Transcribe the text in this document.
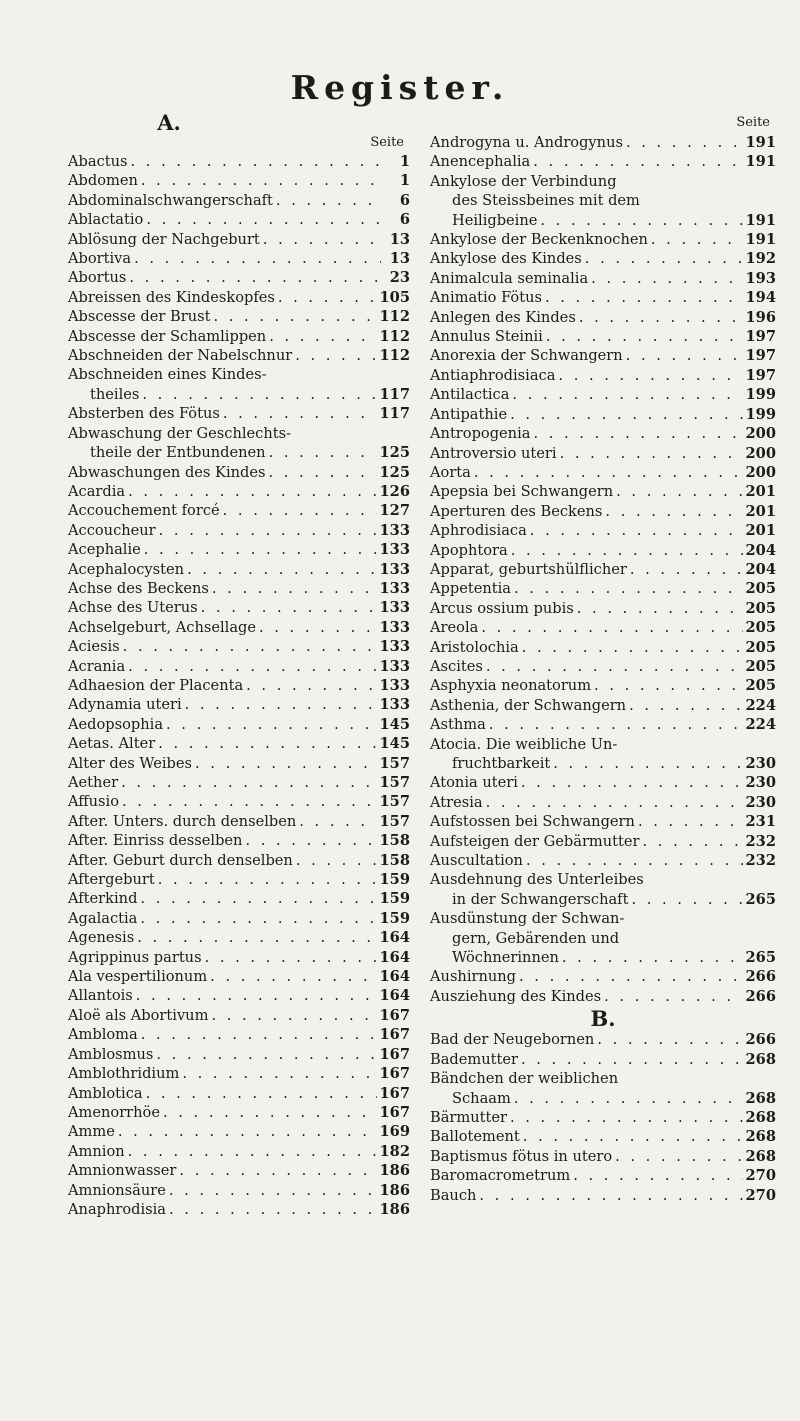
Register.
A.
Seite
Abactus . . .	1
Abdomen . . .	1
Abdominalschwangerschaft . . .	6
Ablactatio . . .	6
Ablösung der Nachgeburt . . .	13
Abortiva . . .	13
Abortus . . .	23
Abreissen des Kindeskopfes . . .	105
Abscesse der Brust . . .	112
Abscesse der Schamlippen . . .	112
Abschneiden der Nabelschnur . . .	112
Abschneiden eines Kindes-
theiles . . .	117
Absterben des Fötus . . .	117
Abwaschung der Geschlechts-
theile der Entbundenen . . .	125
Abwaschungen des Kindes . . .	125
Acardia . . .	126
Accouchement forcé . . .	127
Accoucheur . . .	133
Acephalie . . .	133
Acephalocysten . . .	133
Achse des Beckens . . .	133
Achse des Uterus . . .	133
Achselgeburt, Achsellage . . .	133
Aciesis . . .	133
Acrania . . .	133
Adhaesion der Placenta . . .	133
Adynamia uteri . . .	133
Aedopsophia . . .	145
Aetas. Alter . . .	145
Alter des Weibes . . .	157
Aether . . .	157
Affusio . . .	157
After. Unters. durch denselben . . .	157
After. Einriss desselben . . .	158
After. Geburt durch denselben . . .	158
Aftergeburt . . .	159
Afterkind . . .	159
Agalactia . . .	159
Agenesis . . .	164
Agrippinus partus . . .	164
Ala vespertilionum . . .	164
Allantois . . .	164
Aloë als Abortivum . . .	167
Ambloma . . .	167
Amblosmus . . .	167
Amblothridium . . .	167
Amblotica . . .	167
Amenorrhöe . . .	167
Amme . . .	169
Amnion . . .	182
Amnionwasser . . .	186
Amnionsäure . . .	186
Anaphrodisia . . .	186
Seite
Androgyna u. Androgynus . . .	191
Anencephalia . . .	191
Ankylose der Verbindung
des Steissbeines mit dem
Heiligbeine . . .	191
Ankylose der Beckenknochen . . .	191
Ankylose des Kindes . . .	192
Animalcula seminalia . . .	193
Animatio Fötus . . .	194
Anlegen des Kindes . . .	196
Annulus Steinii . . .	197
Anorexia der Schwangern . . .	197
Antiaphrodisiaca . . .	197
Antilactica . . .	199
Antipathie . . .	199
Antropogenia . . .	200
Antroversio uteri . . .	200
Aorta . . .	200
Apepsia bei Schwangern . . .	201
Aperturen des Beckens . . .	201
Aphrodisiaca . . .	201
Apophtora . . .	204
Apparat, geburtshülflicher . . .	204
Appetentia . . .	205
Arcus ossium pubis . . .	205
Areola . . .	205
Aristolochia . . .	205
Ascites . . .	205
Asphyxia neonatorum . . .	205
Asthenia, der Schwangern . . .	224
Asthma . . .	224
Atocia. Die weibliche Un-
fruchtbarkeit . . .	230
Atonia uteri . . .	230
Atresia . . .	230
Aufstossen bei Schwangern . . .	231
Aufsteigen der Gebärmutter . . .	232
Auscultation . . .	232
Ausdehnung des Unterleibes
in der Schwangerschaft . . .	265
Ausdünstung der Schwan-
gern, Gebärenden und
Wöchnerinnen . . .	265
Aushirnung . . .	266
Ausziehung des Kindes . . .	266
B.
Bad der Neugebornen . . .	266
Bademutter . . .	268
Bändchen der weiblichen
Schaam . . .	268
Bärmutter . . .	268
Ballotement . . .	268
Baptismus fötus in utero . . .	268
Baromacrometrum . . .	270
Bauch . . .	270
